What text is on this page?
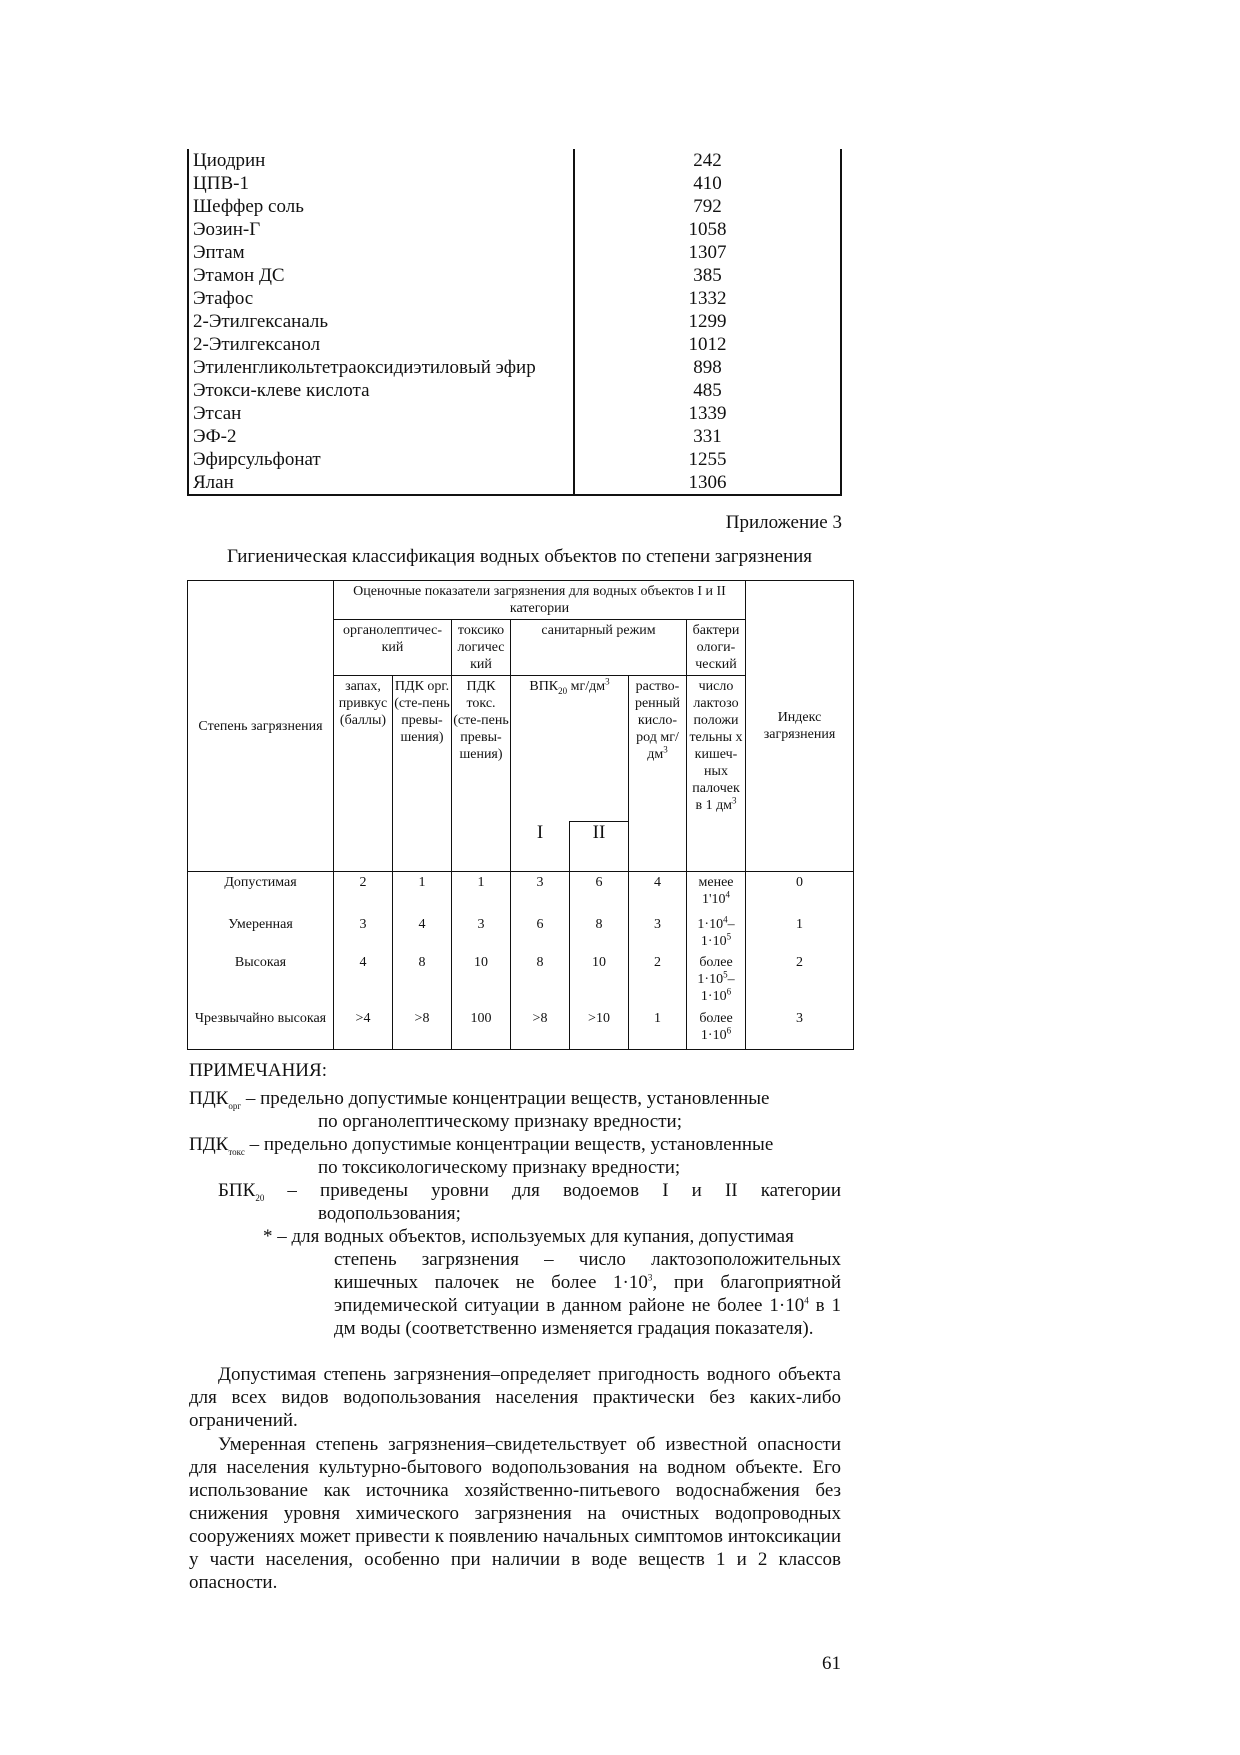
Циодрин	242
ЦПВ-1	410
Шеффер соль	792
Эозин-Г	1058
Эптам	1307
Этамон ДС	385
Этафос	1332
2-Этилгексаналь	1299
2-Этилгексанол	1012
Этиленгликольтетраоксидиэтиловый эфир	898
Этокси-клеве кислота	485
Этсан	1339
ЭФ-2	331
Эфирсульфонат	1255
Ялан	1306
Приложение 3
Гигиеническая классификация водных объектов по степени загрязнения
Степень загрязнения	Оценочные показатели загрязнения для водных объектов I и II категории							Индекс загрязнения
	органолептичес-кий		токсико логичес кий	санитарный режим			бактери ологи-ческий	
	запах, привкус (баллы)	ПДК орг. (сте-пень превы-шения)	ПДК токс. (сте-пень превы-шения)	$ВПК_{20}$ $мг/дм^3$		раство-ренный кисло-род $мг/дм^3$	число лактозо положи тельны х кишеч-ных палочек в 1 $дм^3$
				I	II			
Допустимая	2	1	1	3	6	4	менее $1'10^4$	0
Умеренная	3	4	3	6	8	3	$1\cdot 10^4-$ $1\cdot 10^5$	1
Высокая	4	8	10	8	10	2	более $1\cdot 10^5-$ $1\cdot 10^6$	2
Чрезвычайно высокая	>4	>8	100	>8	>10	1	более $1\cdot 10^6$	3
ПРИМЕЧАНИЯ:
$ПДК_{орг}$ – предельно допустимые концентрации веществ, установленные
по органолептическому признаку вредности;
$ПДК_{токс}$ – предельно допустимые концентрации веществ, установленные
по токсикологическому признаку вредности;
$БПК_{20}$ – приведены уровни для водоемов I и II категории
водопользования;
* – для водных объектов, используемых для купания, допустимая
степень загрязнения – число лактозоположительных кишечных палочек не более $1\cdot 10^3$, при благоприятной эпидемической ситуации в данном районе не более $1\cdot 10^4$ в 1 дм воды (соответственно изменяется градация показателя).
Допустимая степень загрязнения–определяет пригодность водного объекта для всех видов водопользования населения практически без каких-либо ограничений.
Умеренная степень загрязнения–свидетельствует об известной опасности для населения культурно-бытового водопользования на водном объекте. Его использование как источника хозяйственно-питьевого водоснабжения без снижения уровня химического загрязнения на очистных водопроводных сооружениях может привести к появлению начальных симптомов интоксикации у части населения, особенно при наличии в воде веществ 1 и 2 классов опасности.
61
